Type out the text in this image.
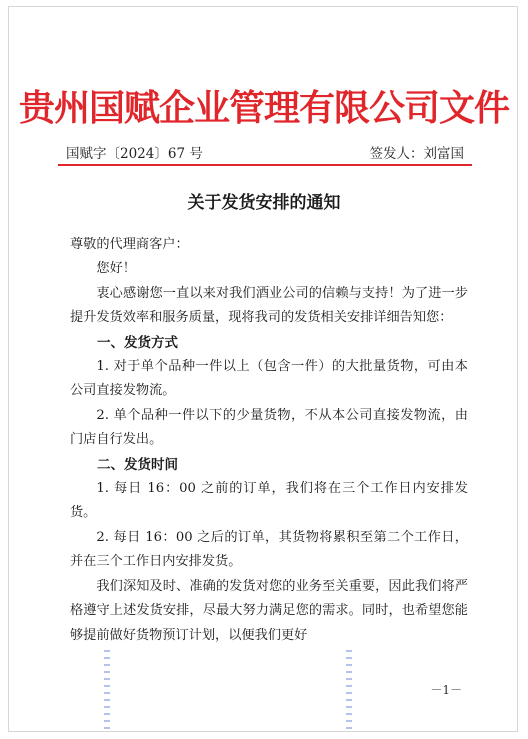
贵州国赋企业管理有限公司文件
国赋字〔2024〕67 号	签发人：刘富国
关于发货安排的通知

尊敬的代理商客户：

您好！

衷心感谢您一直以来对我们酒业公司的信赖与支持！为了进一步提升发货效率和服务质量，现将我司的发货相关安排详细告知您：

一、发货方式

1. 对于单个品种一件以上（包含一件）的大批量货物，可由本公司直接发物流。

2. 单个品种一件以下的少量货物，不从本公司直接发物流，由门店自行发出。

二、发货时间

1. 每日 16：00 之前的订单，我们将在三个工作日内安排发货。

2. 每日 16：00 之后的订单，其货物将累积至第二个工作日，并在三个工作日内安排发货。

我们深知及时、准确的发货对您的业务至关重要，因此我们将严格遵守上述发货安排，尽最大努力满足您的需求。同时，也希望您能够提前做好货物预订计划，以便我们更好

－1－
